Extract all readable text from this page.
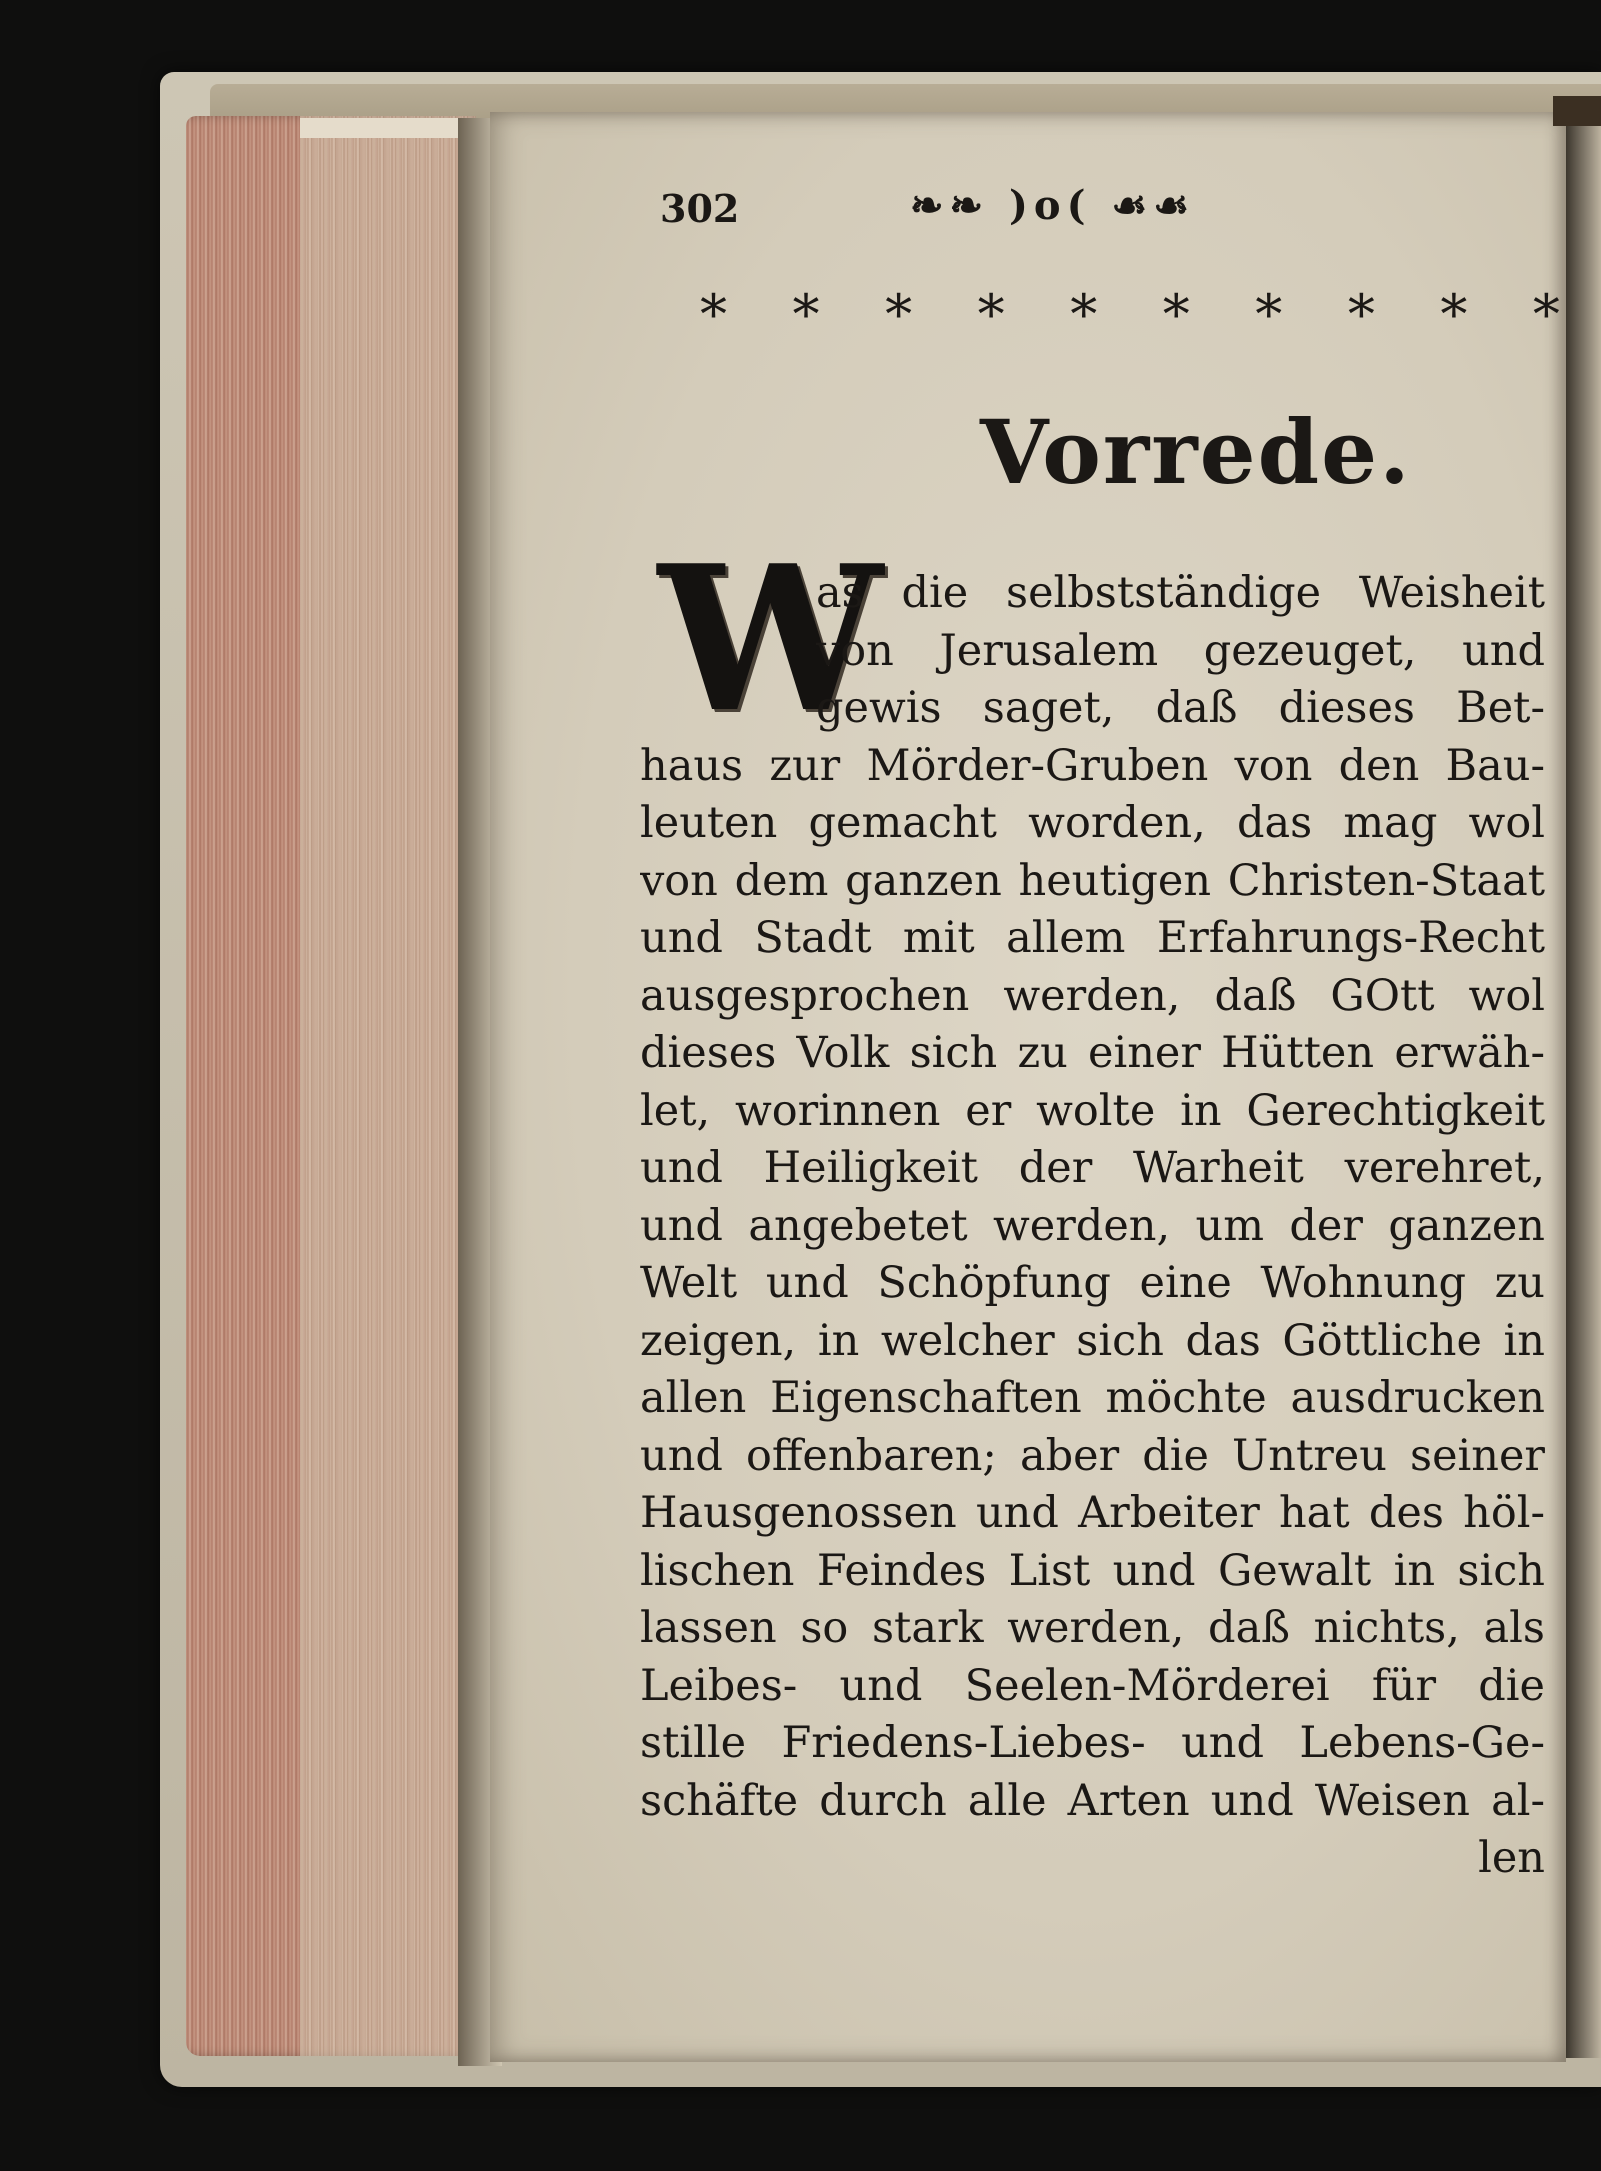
302	❧❧ )o( ☙☙
* * * * * * * * * *
Vorrede.
W
as die selbstständige Weisheit
von Jerusalem gezeuget, und
gewis saget, daß dieses Bet-
haus zur Mörder-Gruben von den Bau-
leuten gemacht worden, das mag wol
von dem ganzen heutigen Christen-Staat
und Stadt mit allem Erfahrungs-Recht
ausgesprochen werden, daß GOtt wol
dieses Volk sich zu einer Hütten erwäh-
let, worinnen er wolte in Gerechtigkeit
und Heiligkeit der Warheit verehret,
und angebetet werden, um der ganzen
Welt und Schöpfung eine Wohnung zu
zeigen, in welcher sich das Göttliche in
allen Eigenschaften möchte ausdrucken
und offenbaren; aber die Untreu seiner
Hausgenossen und Arbeiter hat des höl-
lischen Feindes List und Gewalt in sich
lassen so stark werden, daß nichts, als
Leibes- und Seelen-Mörderei für die
stille Friedens-Liebes- und Lebens-Ge-
schäfte durch alle Arten und Weisen al-
len
